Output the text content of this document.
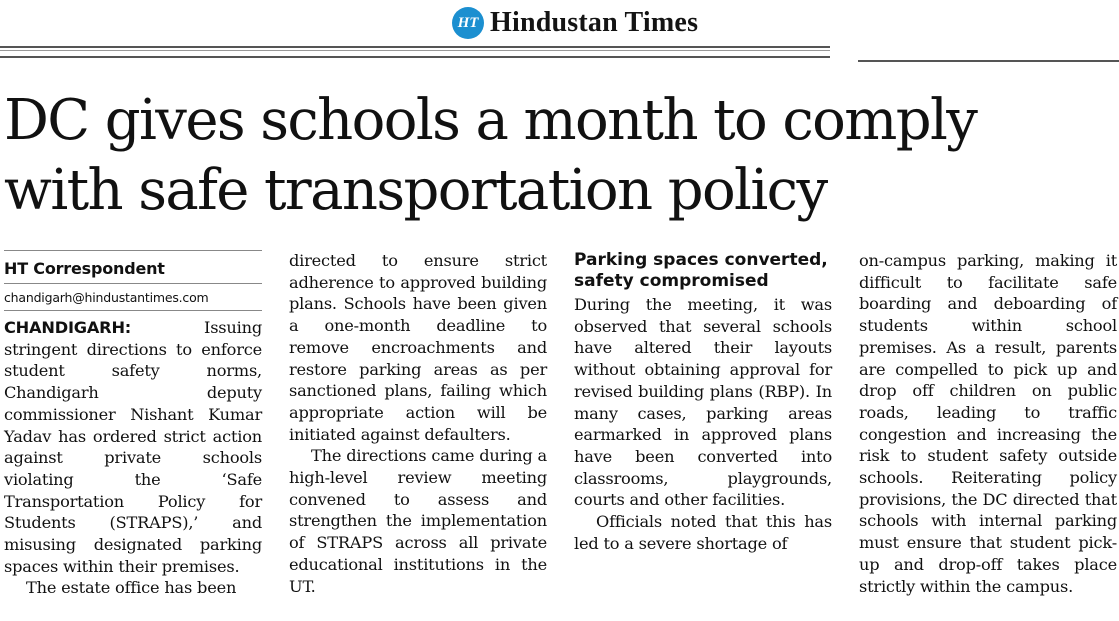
HT Hindustan Times
DC gives schools a month to comply with safe transportation policy
HT Correspondent
chandigarh@hindustantimes.com

CHANDIGARH:	Issuing stringent directions to enforce student safety norms, Chandigarh deputy commissioner Nishant Kumar Yadav has ordered strict action against private schools violating the ‘Safe Transportation Policy for Students (STRAPS),’ and misusing designated parking spaces within their premises.

The estate office has been

directed to ensure strict adherence to approved building plans. Schools have been given a one-month deadline to remove encroachments and restore parking areas as per sanctioned plans, failing which appropriate action will be initiated against defaulters.

The directions came during a high-level review meeting convened to assess and strengthen the implementation of STRAPS across all private educational institutions in the UT.

Parking spaces converted, safety compromised

During the meeting, it was observed that several schools have altered their layouts without obtaining approval for revised building plans (RBP). In many cases, parking areas earmarked in approved plans have been converted into classrooms, playgrounds, courts and other facilities.

Officials noted that this has led to a severe shortage of

on-campus parking, making it difficult to facilitate safe boarding and deboarding of students within school premises. As a result, parents are compelled to pick up and drop off children on public roads, leading to traffic congestion and increasing the risk to student safety outside schools. Reiterating policy provisions, the DC directed that schools with internal parking must ensure that student pick-up and drop-off takes place strictly within the campus.
